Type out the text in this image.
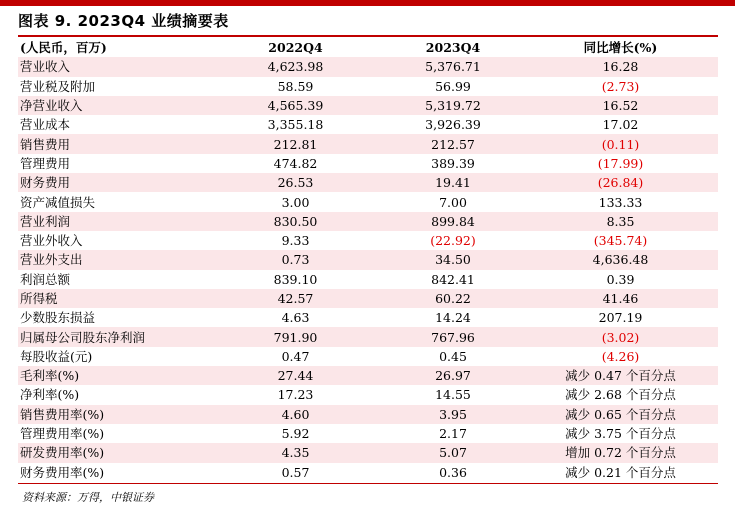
图表 9. 2023Q4 业绩摘要表
(人民币，百万)	2022Q4	2023Q4	同比增长(%)
营业收入	4,623.98	5,376.71	16.28
营业税及附加	58.59	56.99	(2.73)
净营业收入	4,565.39	5,319.72	16.52
营业成本	3,355.18	3,926.39	17.02
销售费用	212.81	212.57	(0.11)
管理费用	474.82	389.39	(17.99)
财务费用	26.53	19.41	(26.84)
资产减值损失	3.00	7.00	133.33
营业利润	830.50	899.84	8.35
营业外收入	9.33	(22.92)	(345.74)
营业外支出	0.73	34.50	4,636.48
利润总额	839.10	842.41	0.39
所得税	42.57	60.22	41.46
少数股东损益	4.63	14.24	207.19
归属母公司股东净利润	791.90	767.96	(3.02)
每股收益(元)	0.47	0.45	(4.26)
毛利率(%)	27.44	26.97	减少 0.47 个百分点
净利率(%)	17.23	14.55	减少 2.68 个百分点
销售费用率(%)	4.60	3.95	减少 0.65 个百分点
管理费用率(%)	5.92	2.17	减少 3.75 个百分点
研发费用率(%)	4.35	5.07	增加 0.72 个百分点
财务费用率(%)	0.57	0.36	减少 0.21 个百分点
资料来源：万得，中银证券
